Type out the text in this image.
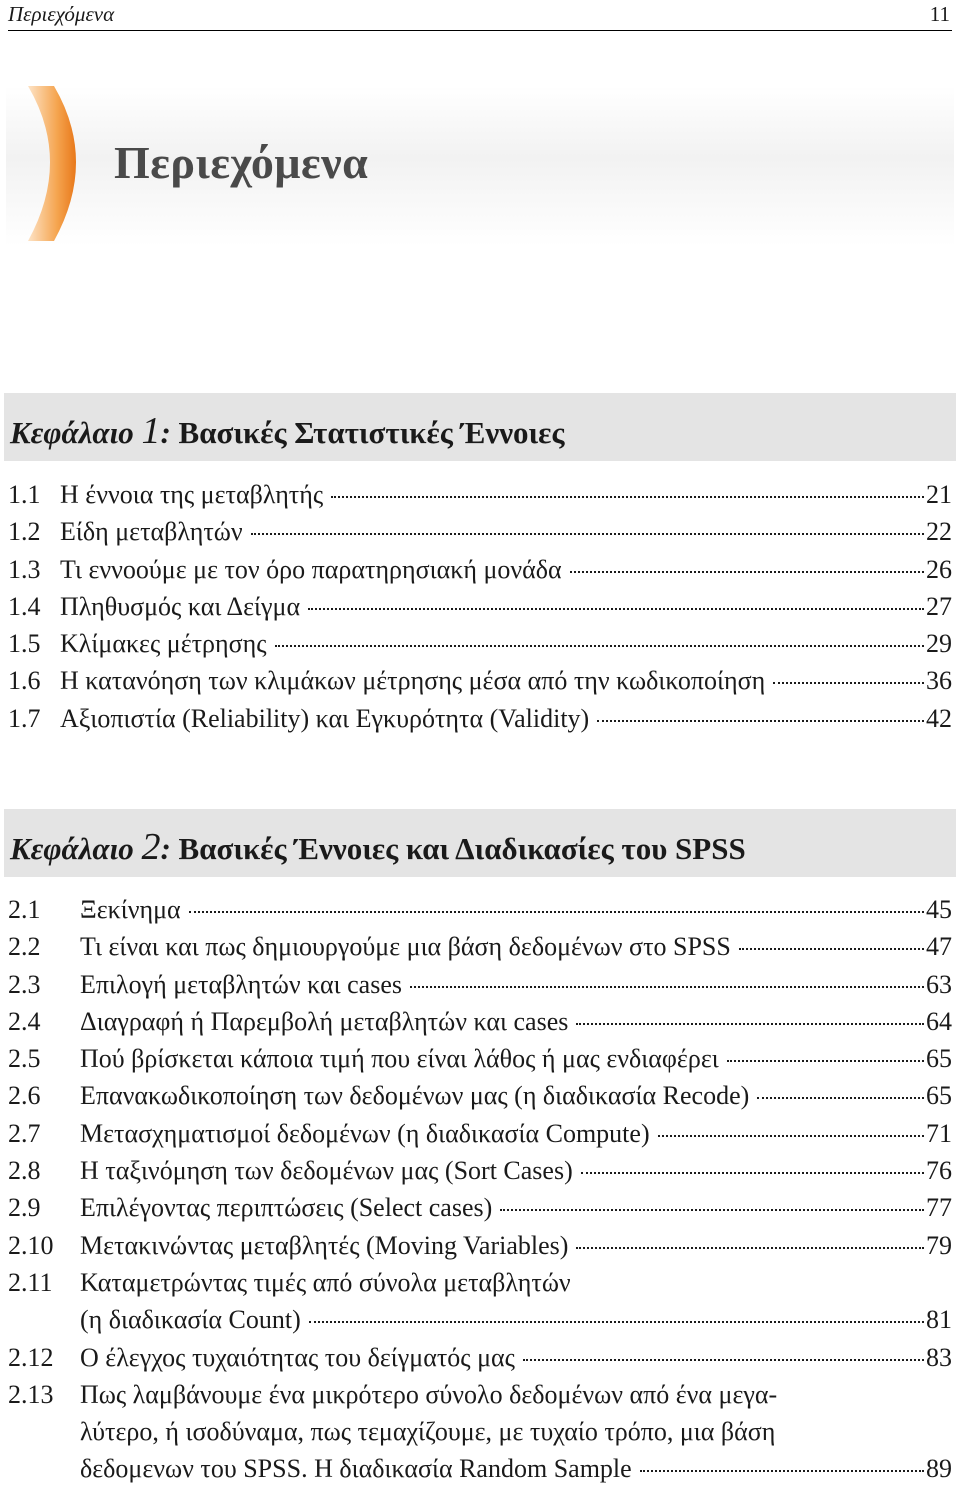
Περιεχόμενα	11
Περιεχόμενα
Κεφάλαιο 1: Βασικές Στατιστικές Έννοιες
1.1 Η έννοια της μεταβλητής	21
1.2 Είδη μεταβλητών	22
1.3 Τι εννοούμε με τον όρο παρατηρησιακή μονάδα	26
1.4 Πληθυσμός και Δείγμα	27
1.5 Κλίμακες μέτρησης	29
1.6 Η κατανόηση των κλιμάκων μέτρησης μέσα από την κωδικοποίηση	36
1.7 Αξιοπιστία (Reliability) και Εγκυρότητα (Validity)	42
Κεφάλαιο 2: Βασικές Έννοιες και Διαδικασίες του SPSS
2.1	Ξεκίνημα	45
2.2	Τι είναι και πως δημιουργούμε μια βάση δεδομένων στο SPSS	47
2.3	Επιλογή μεταβλητών και cases	63
2.4	Διαγραφή ή Παρεμβολή μεταβλητών και cases	64
2.5	Πού βρίσκεται κάποια τιμή που είναι λάθος ή μας ενδιαφέρει	65
2.6	Επανακωδικοποίηση των δεδομένων μας (η διαδικασία Recode)	65
2.7	Μετασχηματισμοί δεδομένων (η διαδικασία Compute)	71
2.8	Η ταξινόμηση των δεδομένων μας (Sort Cases)	76
2.9	Επιλέγοντας περιπτώσεις (Select cases)	77
2.10	Μετακινώντας μεταβλητές (Moving Variables)	79
2.11	Καταμετρώντας τιμές από σύνολα μεταβλητών
(η διαδικασία Count)	81
2.12	Ο έλεγχος τυχαιότητας του δείγματός μας	83
2.13	Πως λαμβάνουμε ένα μικρότερο σύνολο δεδομένων από ένα μεγα-
λύτερο, ή ισοδύναμα, πως τεμαχίζουμε, με τυχαίο τρόπο, μια βάση
δεδομενων του SPSS. Η διαδικασία Random Sample	89
